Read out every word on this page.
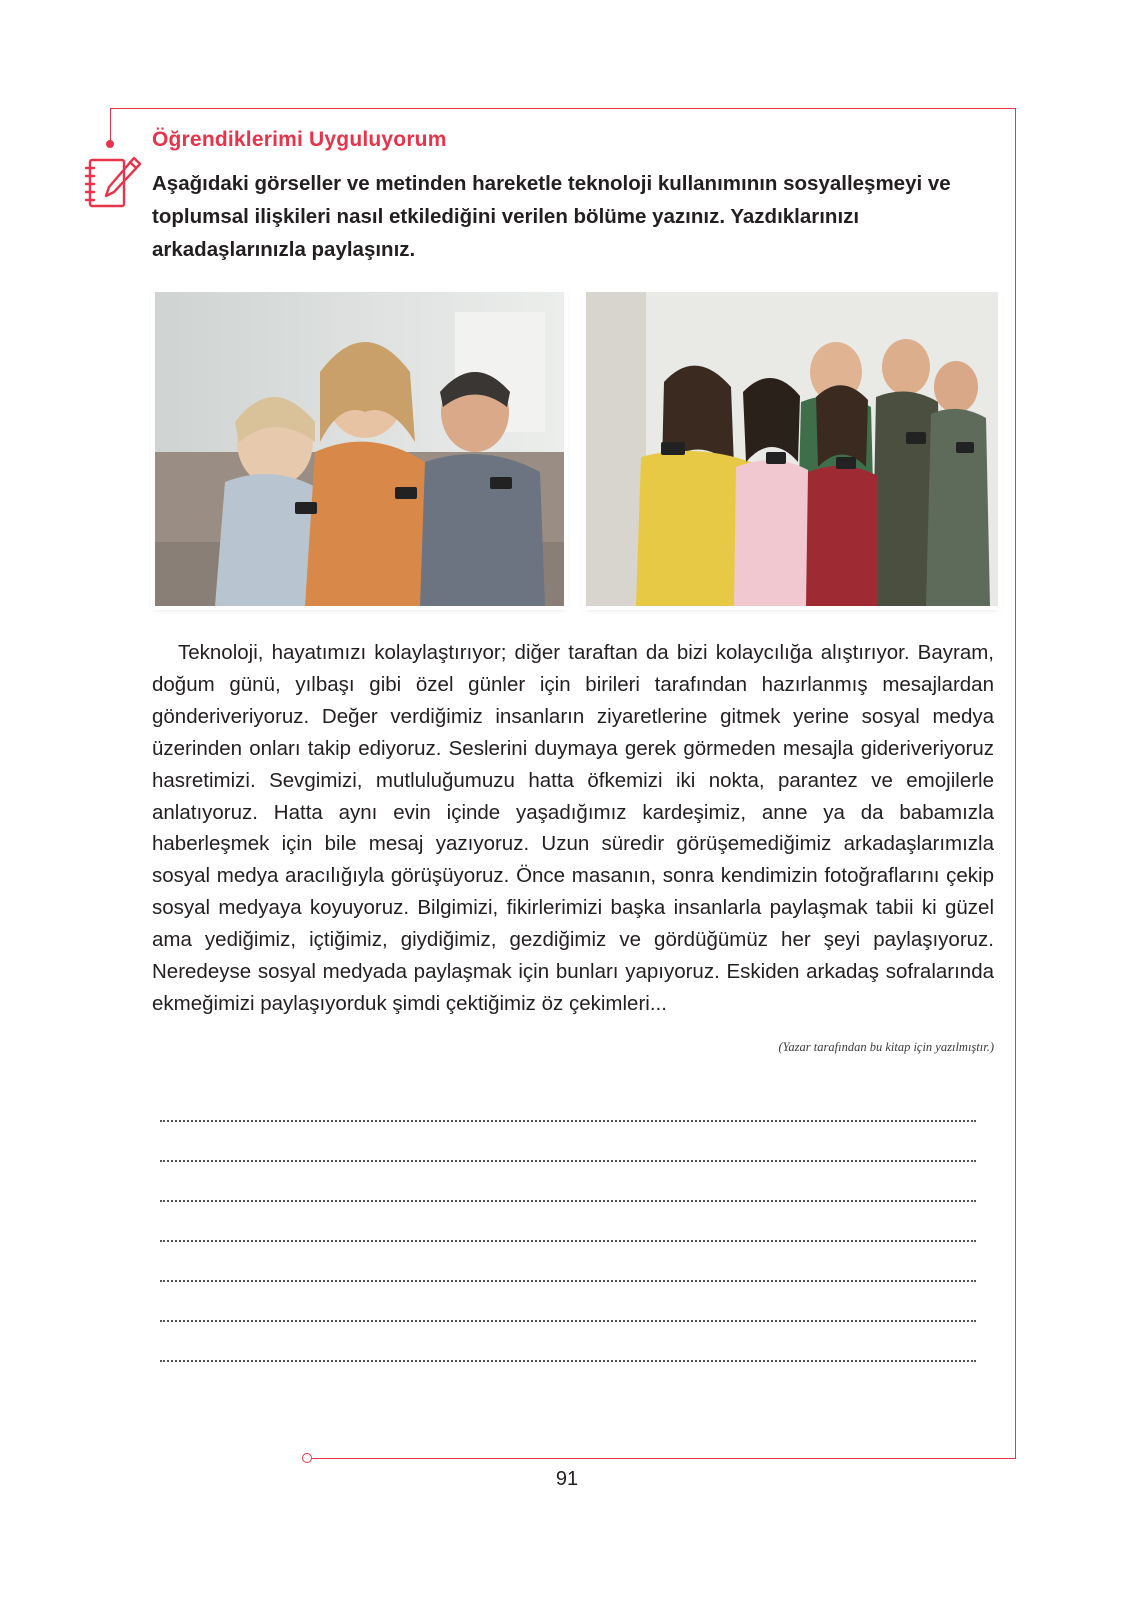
Öğrendiklerimi Uyguluyorum

Aşağıdaki görseller ve metinden hareketle teknoloji kullanımının sosyalleşmeyi ve toplumsal ilişkileri nasıl etkilediğini verilen bölüme yazınız. Yazdıklarınızı arkadaşlarınızla paylaşınız.

Teknoloji, hayatımızı kolaylaştırıyor; diğer taraftan da bizi kolaycılığa alıştırıyor. Bayram, doğum günü, yılbaşı gibi özel günler için birileri tarafından hazırlanmış mesajlardan gönderiveriyoruz. Değer verdiğimiz insanların ziyaretlerine gitmek yerine sosyal medya üzerinden onları takip ediyoruz. Seslerini duymaya gerek görmeden mesajla gideriveriyoruz hasretimizi. Sevgimizi, mutluluğumuzu hatta öfkemizi iki nokta, parantez ve emojilerle anlatıyoruz. Hatta aynı evin içinde yaşadığımız kardeşimiz, anne ya da babamızla haberleşmek için bile mesaj yazıyoruz. Uzun süredir görüşemediğimiz arkadaşlarımızla sosyal medya aracılığıyla görüşüyoruz. Önce masanın, sonra kendimizin fotoğraflarını çekip sosyal medyaya koyuyoruz. Bilgimizi, fikirlerimizi başka insanlarla paylaşmak tabii ki güzel ama yediğimiz, içtiğimiz, giydiğimiz, gezdiğimiz ve gördüğümüz her şeyi paylaşıyoruz. Neredeyse sosyal medyada paylaşmak için bunları yapıyoruz. Eskiden arkadaş sofralarında ekmeğimizi paylaşıyorduk şimdi çektiğimiz öz çekimleri...

(Yazar tarafından bu kitap için yazılmıştır.)

91
